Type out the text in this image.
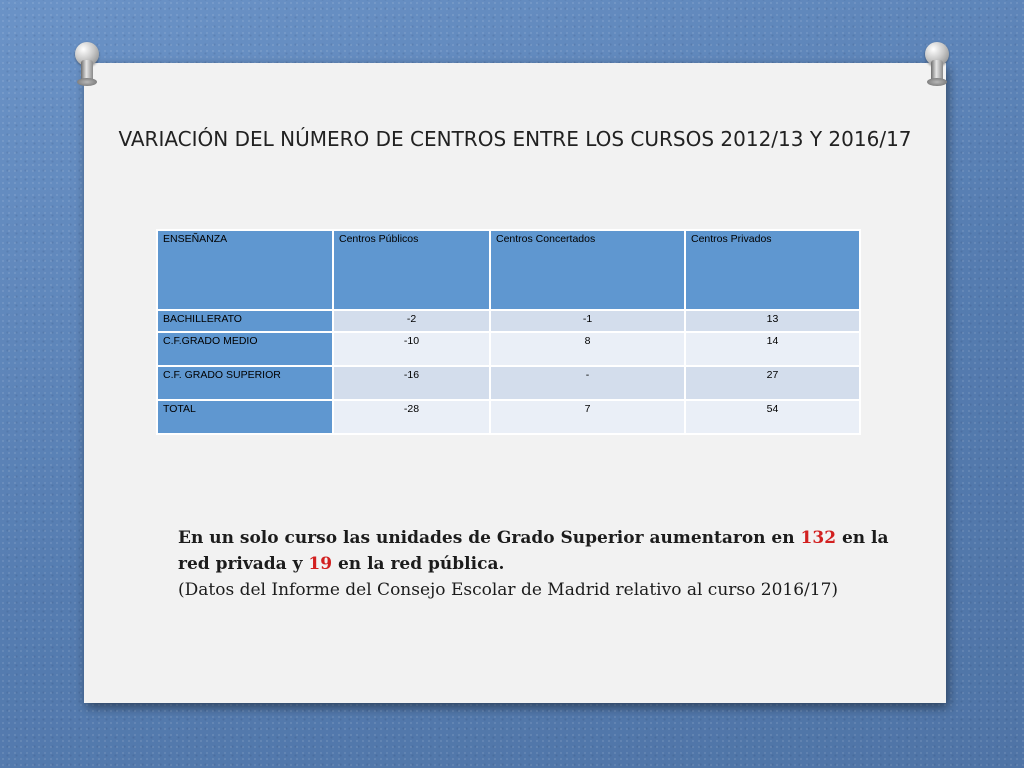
VARIACIÓN DEL NÚMERO DE CENTROS ENTRE LOS CURSOS 2012/13 Y 2016/17
ENSEÑANZA	Centros Públicos	Centros Concertados	Centros Privados
BACHILLERATO	-2	-1	13
C.F.GRADO MEDIO	-10	8	14
C.F. GRADO SUPERIOR	-16	-	27
TOTAL	-28	7	54

En un solo curso las unidades de Grado Superior aumentaron en 132 en la red privada y 19 en la red pública.
(Datos del Informe del Consejo Escolar de Madrid relativo al curso 2016/17)
